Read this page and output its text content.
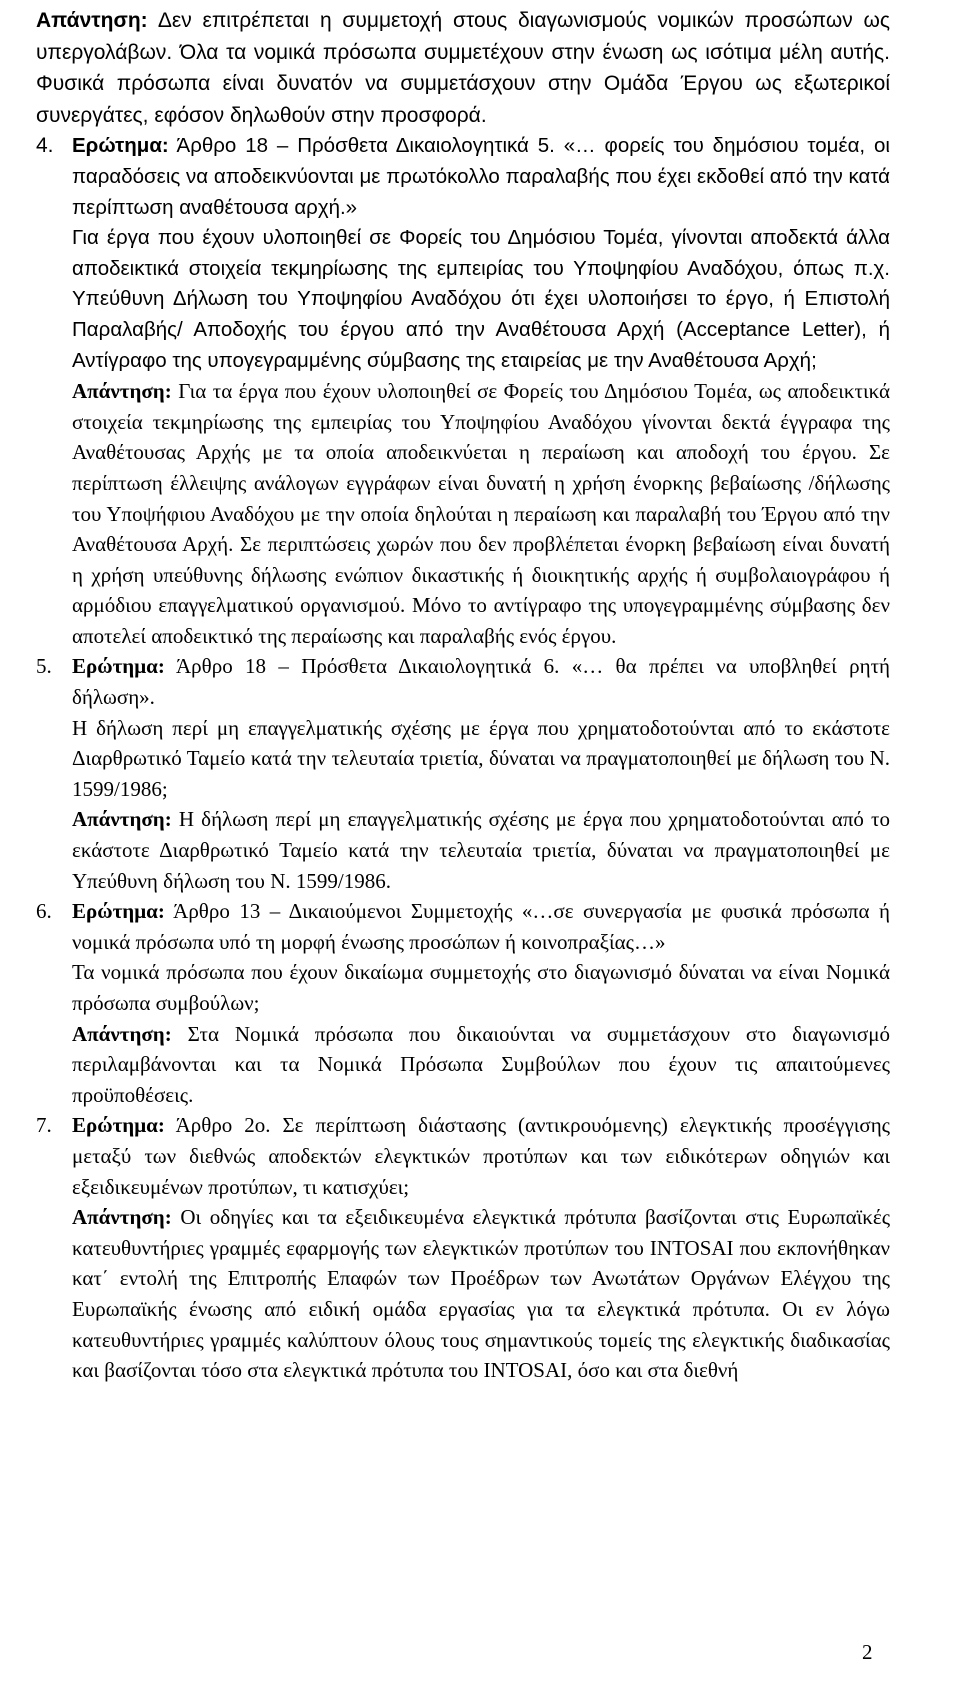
Απάντηση: Δεν επιτρέπεται η συμμετοχή στους διαγωνισμούς νομικών προσώπων ως υπεργολάβων. Όλα τα νομικά πρόσωπα συμμετέχουν στην ένωση ως ισότιμα μέλη αυτής. Φυσικά πρόσωπα είναι δυνατόν να συμμετάσχουν στην Ομάδα Έργου ως εξωτερικοί συνεργάτες, εφόσον δηλωθούν στην προσφορά.

4. Ερώτημα: Άρθρο 18 – Πρόσθετα Δικαιολογητικά 5. «… φορείς του δημόσιου τομέα, οι παραδόσεις να αποδεικνύονται με πρωτόκολλο παραλαβής που έχει εκδοθεί από την κατά περίπτωση αναθέτουσα αρχή.»

Για έργα που έχουν υλοποιηθεί σε Φορείς του Δημόσιου Τομέα, γίνονται αποδεκτά άλλα αποδεικτικά στοιχεία τεκμηρίωσης της εμπειρίας του Υποψηφίου Αναδόχου, όπως π.χ. Υπεύθυνη Δήλωση του Υποψηφίου Αναδόχου ότι έχει υλοποιήσει το έργο, ή Επιστολή Παραλαβής/ Αποδοχής του έργου από την Αναθέτουσα Αρχή (Acceptance Letter), ή Αντίγραφο της υπογεγραμμένης σύμβασης της εταιρείας με την Αναθέτουσα Αρχή;

Απάντηση: Για τα έργα που έχουν υλοποιηθεί σε Φορείς του Δημόσιου Τομέα, ως αποδεικτικά στοιχεία τεκμηρίωσης της εμπειρίας του Υποψηφίου Αναδόχου γίνονται δεκτά έγγραφα της Αναθέτουσας Αρχής με τα οποία αποδεικνύεται η περαίωση και αποδοχή του έργου. Σε περίπτωση έλλειψης ανάλογων εγγράφων είναι δυνατή η χρήση ένορκης βεβαίωσης /δήλωσης του Υποψήφιου Αναδόχου με την οποία δηλούται η περαίωση και παραλαβή του Έργου από την Αναθέτουσα Αρχή. Σε περιπτώσεις χωρών που δεν προβλέπεται ένορκη βεβαίωση είναι δυνατή η χρήση υπεύθυνης δήλωσης ενώπιον δικαστικής ή διοικητικής αρχής ή συμβολαιογράφου ή αρμόδιου επαγγελματικού οργανισμού. Μόνο το αντίγραφο της υπογεγραμμένης σύμβασης δεν αποτελεί αποδεικτικό της περαίωσης και παραλαβής ενός έργου.

5. Ερώτημα: Άρθρο 18 – Πρόσθετα Δικαιολογητικά 6. «… θα πρέπει να υποβληθεί ρητή δήλωση».

Η δήλωση περί μη επαγγελματικής σχέσης με έργα που χρηματοδοτούνται από το εκάστοτε Διαρθρωτικό Ταμείο κατά την τελευταία τριετία, δύναται να πραγματοποιηθεί με δήλωση του Ν. 1599/1986;

Απάντηση: Η δήλωση περί μη επαγγελματικής σχέσης με έργα που χρηματοδοτούνται από το εκάστοτε Διαρθρωτικό Ταμείο κατά την τελευταία τριετία, δύναται να πραγματοποιηθεί με Υπεύθυνη δήλωση του Ν. 1599/1986.

6. Ερώτημα: Άρθρο 13 – Δικαιούμενοι Συμμετοχής «…σε συνεργασία με φυσικά πρόσωπα ή νομικά πρόσωπα υπό τη μορφή ένωσης προσώπων ή κοινοπραξίας…»

Τα νομικά πρόσωπα που έχουν δικαίωμα συμμετοχής στο διαγωνισμό δύναται να είναι Νομικά πρόσωπα συμβούλων;

Απάντηση: Στα Νομικά πρόσωπα που δικαιούνται να συμμετάσχουν στο διαγωνισμό περιλαμβάνονται και τα Νομικά Πρόσωπα Συμβούλων που έχουν τις απαιτούμενες προϋποθέσεις.

7. Ερώτημα: Άρθρο 2ο. Σε περίπτωση διάστασης (αντικρουόμενης) ελεγκτικής προσέγγισης μεταξύ των διεθνώς αποδεκτών ελεγκτικών προτύπων και των ειδικότερων οδηγιών και εξειδικευμένων προτύπων, τι κατισχύει;

Απάντηση: Οι οδηγίες και τα εξειδικευμένα ελεγκτικά πρότυπα βασίζονται στις Ευρωπαϊκές κατευθυντήριες γραμμές εφαρμογής των ελεγκτικών προτύπων του INTOSAI που εκπονήθηκαν κατ΄ εντολή της Επιτροπής Επαφών των Προέδρων των Ανωτάτων Οργάνων Ελέγχου της Ευρωπαϊκής ένωσης από ειδική ομάδα εργασίας για τα ελεγκτικά πρότυπα. Οι εν λόγω κατευθυντήριες γραμμές καλύπτουν όλους τους σημαντικούς τομείς της ελεγκτικής διαδικασίας και βασίζονται τόσο στα ελεγκτικά πρότυπα του INTOSAI, όσο και στα διεθνή

2
